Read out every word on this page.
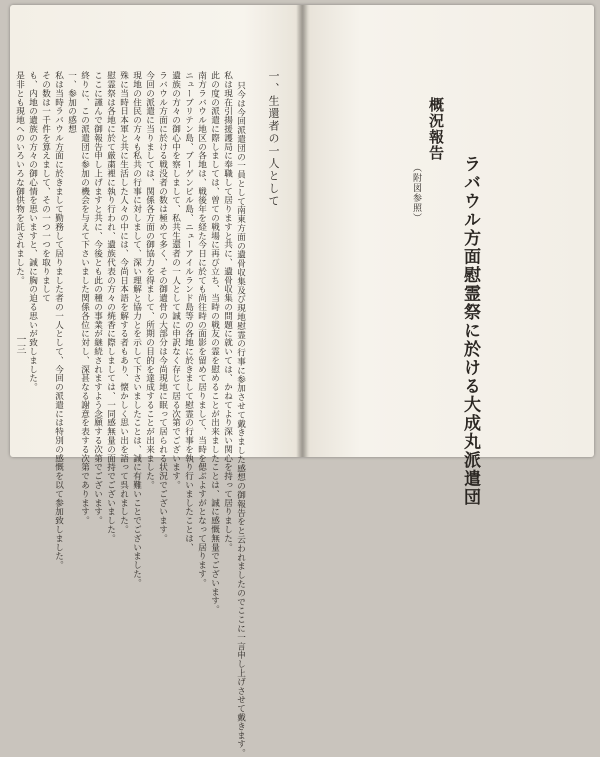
ラバウル方面慰霊祭に於ける大成丸派遣団
概況報告
（附図参照）
一、生還者の一人として
只今は今回派遣団の一員として南東方面の遺骨収集及び現地慰霊の行事に参加させて戴きました感想の御報告をと云われましたのでここに一言申し上げさせて戴きます。
私は現在引揚援護局に奉職して居りますと共に、遺骨収集の問題に就いては、かねてより深い関心を持って居りました。
此の度の派遣に際しましては、曽ての戦場に再び立ち、当時の戦友の霊を慰めることが出来ましたことは、誠に感慨無量でございます。
南方ラバウル地区の各地は、戦後年を経た今日に於ても尚往時の面影を留めて居りまして、当時を偲ぶよすがとなって居ります。
ニューブリテン島、ブーゲンビル島、ニューアイルランド島等の各地に於きまして慰霊の行事を執り行いましたことは、
遺族の方々の御心中を察しまして、私共生還者の一人として誠に申訳なく存じて居る次第でございます。
ラバウル方面に於ける戦没者の数は極めて多く、その御遺骨の大部分は今尚現地に眠って居られる状況でございます。
今回の派遣に当りましては、関係各方面の御協力を得まして、所期の目的を達成することが出来ました。
現地の住民の方々も私共の行事に対しまして、深い理解と協力とを示して下さいましたことは、誠に有難いことでございました。
殊に当時日本軍と共に生活した人々の中には、今尚日本語を解する者もあり、懐かしく思い出を語って呉れました。
慰霊祭は各地に於て厳粛裡に執り行われ、遺族代表の方々の焼香に際しましては、一同感無量の面持でございました。
ここに謹んで御報告申し上げますと共に、今後とも此の種の事業が継続されますよう念願する次第でございます。
終りに、この派遣団に参加の機会を与えて下さいました関係各位に対し、深甚なる謝意を表する次第であります。
一、参加の感想
私は当時ラバウル方面に於きまして勤務して居りました者の一人として、今回の派遣には特別の感慨を以て参加致しました。
その数は一千件を算えまして、その一つ一つを取りまして
も、内地の遺族の方々の御心情を思いますと、誠に胸の迫る思いが致しました。
是非とも現地へのいろいろな御供物を託されました。
一三
